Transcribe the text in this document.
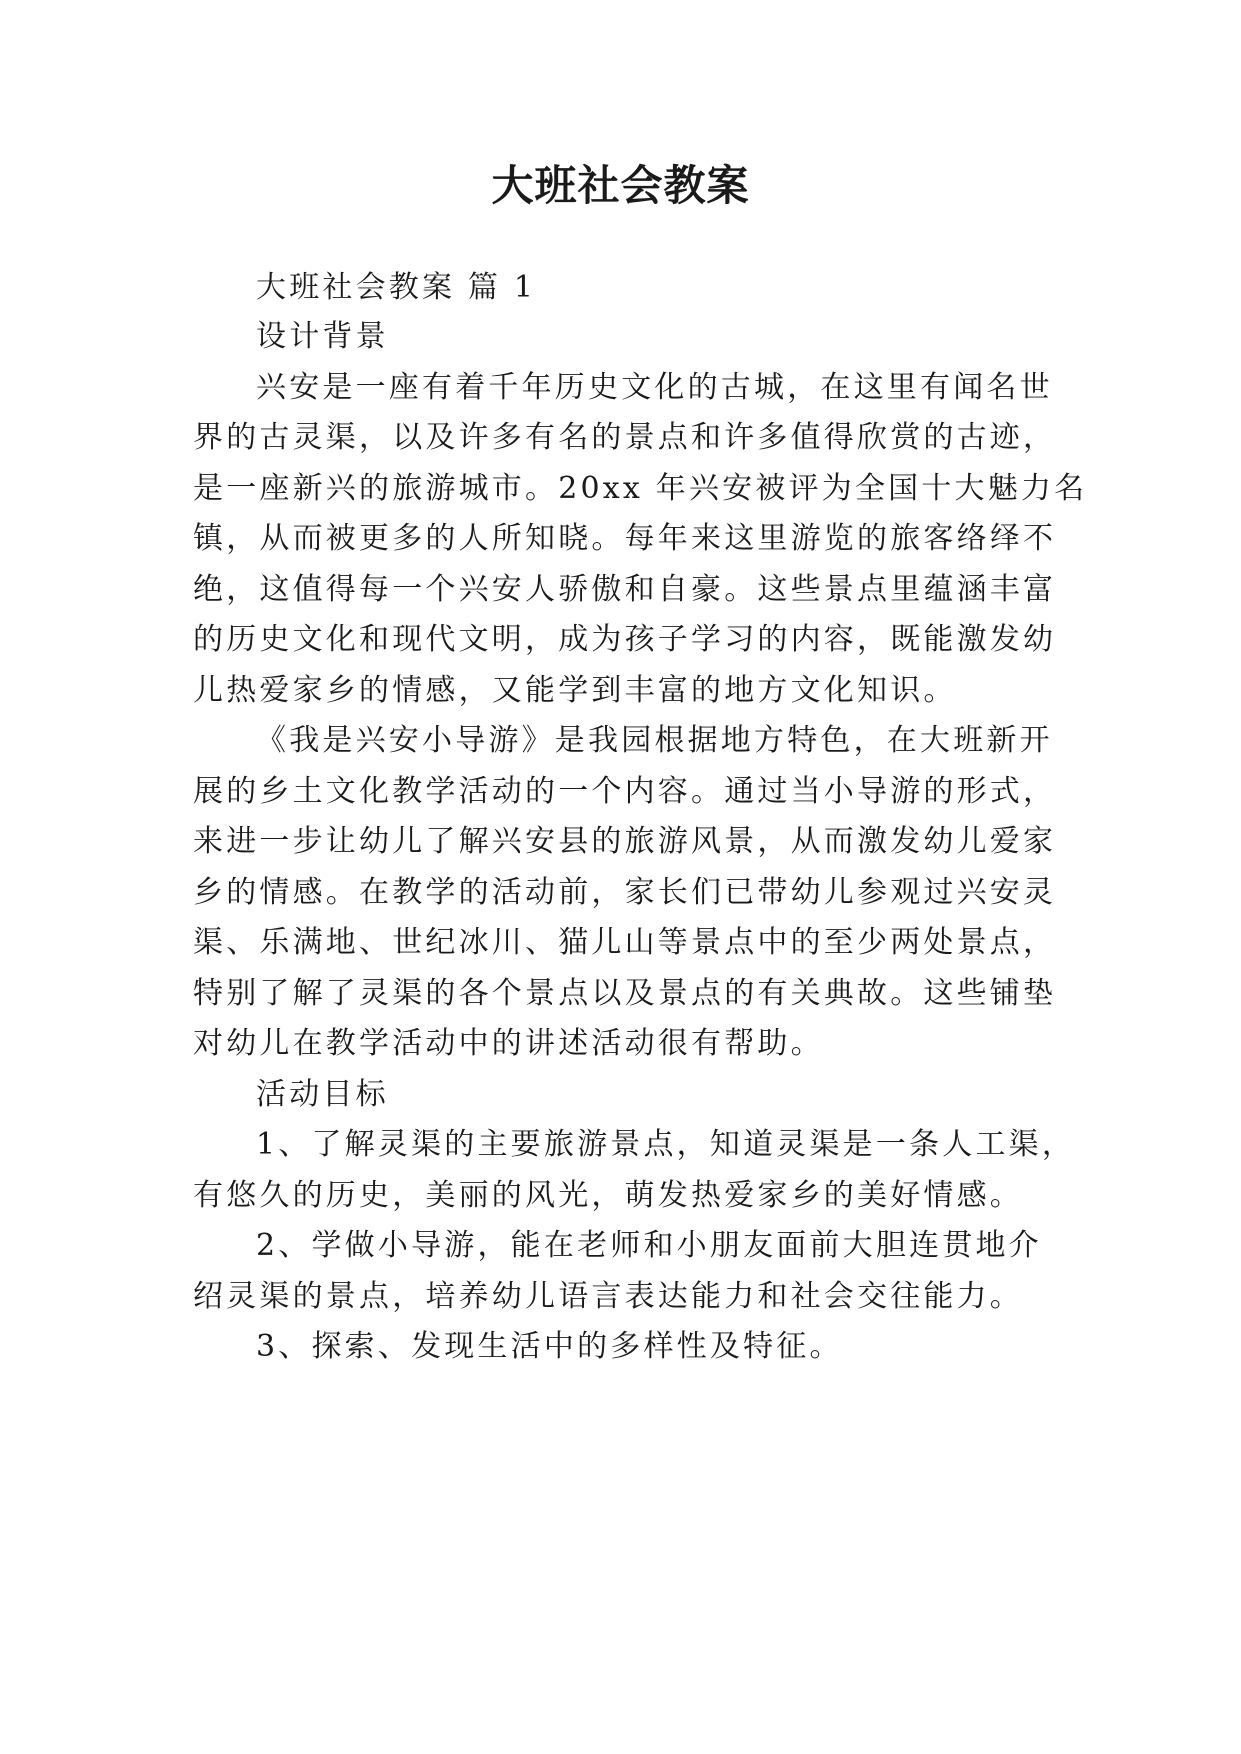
大班社会教案

大班社会教案 篇 1

设计背景

兴安是一座有着千年历史文化的古城，在这里有闻名世

界的古灵渠，以及许多有名的景点和许多值得欣赏的古迹，

是一座新兴的旅游城市。20xx 年兴安被评为全国十大魅力名

镇，从而被更多的人所知晓。每年来这里游览的旅客络绎不

绝，这值得每一个兴安人骄傲和自豪。这些景点里蕴涵丰富

的历史文化和现代文明，成为孩子学习的内容，既能激发幼

儿热爱家乡的情感，又能学到丰富的地方文化知识。

《我是兴安小导游》是我园根据地方特色，在大班新开

展的乡土文化教学活动的一个内容。通过当小导游的形式，

来进一步让幼儿了解兴安县的旅游风景，从而激发幼儿爱家

乡的情感。在教学的活动前，家长们已带幼儿参观过兴安灵

渠、乐满地、世纪冰川、猫儿山等景点中的至少两处景点，

特别了解了灵渠的各个景点以及景点的有关典故。这些铺垫

对幼儿在教学活动中的讲述活动很有帮助。

活动目标

1、了解灵渠的主要旅游景点，知道灵渠是一条人工渠，

有悠久的历史，美丽的风光，萌发热爱家乡的美好情感。

2、学做小导游，能在老师和小朋友面前大胆连贯地介

绍灵渠的景点，培养幼儿语言表达能力和社会交往能力。

3、探索、发现生活中的多样性及特征。
